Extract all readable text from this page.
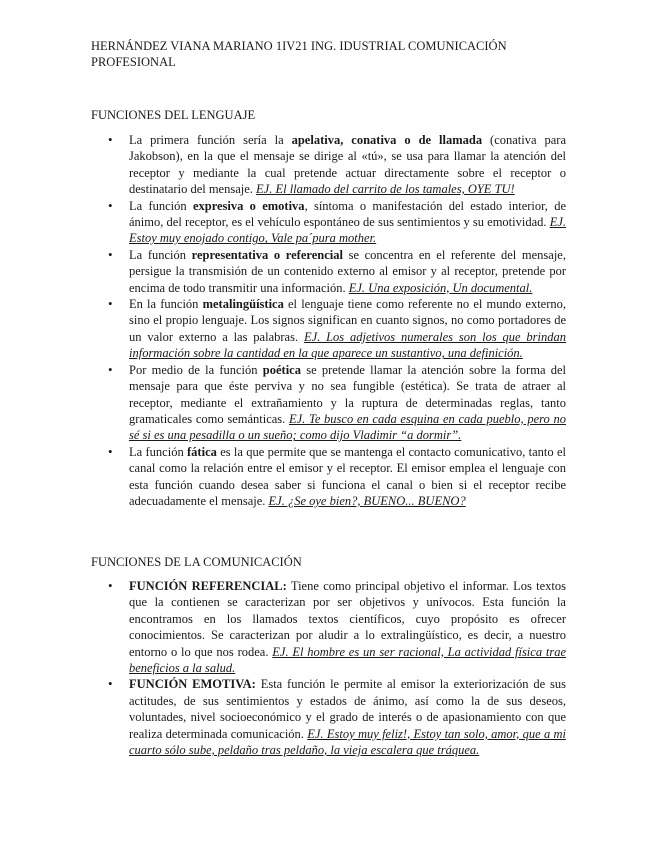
HERNÁNDEZ VIANA MARIANO 1IV21 ING. IDUSTRIAL COMUNICACIÓN PROFESIONAL
FUNCIONES DEL LENGUAJE
• La primera función sería la apelativa, conativa o de llamada (conativa para Jakobson), en la que el mensaje se dirige al «tú», se usa para llamar la atención del receptor y mediante la cual pretende actuar directamente sobre el receptor o destinatario del mensaje. EJ. El llamado del carrito de los tamales, OYE TU!
• La función expresiva o emotiva, síntoma o manifestación del estado interior, de ánimo, del receptor, es el vehículo espontáneo de sus sentimientos y su emotividad. EJ. Estoy muy enojado contigo, Vale pa´pura mother.
• La función representativa o referencial se concentra en el referente del mensaje, persigue la transmisión de un contenido externo al emisor y al receptor, pretende por encima de todo transmitir una información. EJ. Una exposición, Un documental.
• En la función metalingüística el lenguaje tiene como referente no el mundo externo, sino el propio lenguaje. Los signos significan en cuanto signos, no como portadores de un valor externo a las palabras. EJ. Los adjetivos numerales son los que brindan información sobre la cantidad en la que aparece un sustantivo, una definición.
• Por medio de la función poética se pretende llamar la atención sobre la forma del mensaje para que éste perviva y no sea fungible (estética). Se trata de atraer al receptor, mediante el extrañamiento y la ruptura de determinadas reglas, tanto gramaticales como semánticas. EJ. Te busco en cada esquina en cada pueblo, pero no sé si es una pesadilla o un sueño; como dijo Vladimir “a dormir”.
• La función fática es la que permite que se mantenga el contacto comunicativo, tanto el canal como la relación entre el emisor y el receptor. El emisor emplea el lenguaje con esta función cuando desea saber si funciona el canal o bien si el receptor recibe adecuadamente el mensaje. EJ. ¿Se oye bien?, BUENO... BUENO?
FUNCIONES DE LA COMUNICACIÓN
• FUNCIÓN REFERENCIAL: Tiene como principal objetivo el informar. Los textos que la contienen se caracterizan por ser objetivos y unívocos. Esta función la encontramos en los llamados textos científicos, cuyo propósito es ofrecer conocimientos. Se caracterizan por aludir a lo extralingüístico, es decir, a nuestro entorno o lo que nos rodea. EJ. El hombre es un ser racional, La actividad física trae beneficios a la salud.
• FUNCIÓN EMOTIVA: Esta función le permite al emisor la exteriorización de sus actitudes, de sus sentimientos y estados de ánimo, así como la de sus deseos, voluntades, nivel socioeconómico y el grado de interés o de apasionamiento con que realiza determinada comunicación. EJ. Estoy muy feliz!, Estoy tan solo, amor, que a mi cuarto sólo sube, peldaño tras peldaño, la vieja escalera que tráquea.
